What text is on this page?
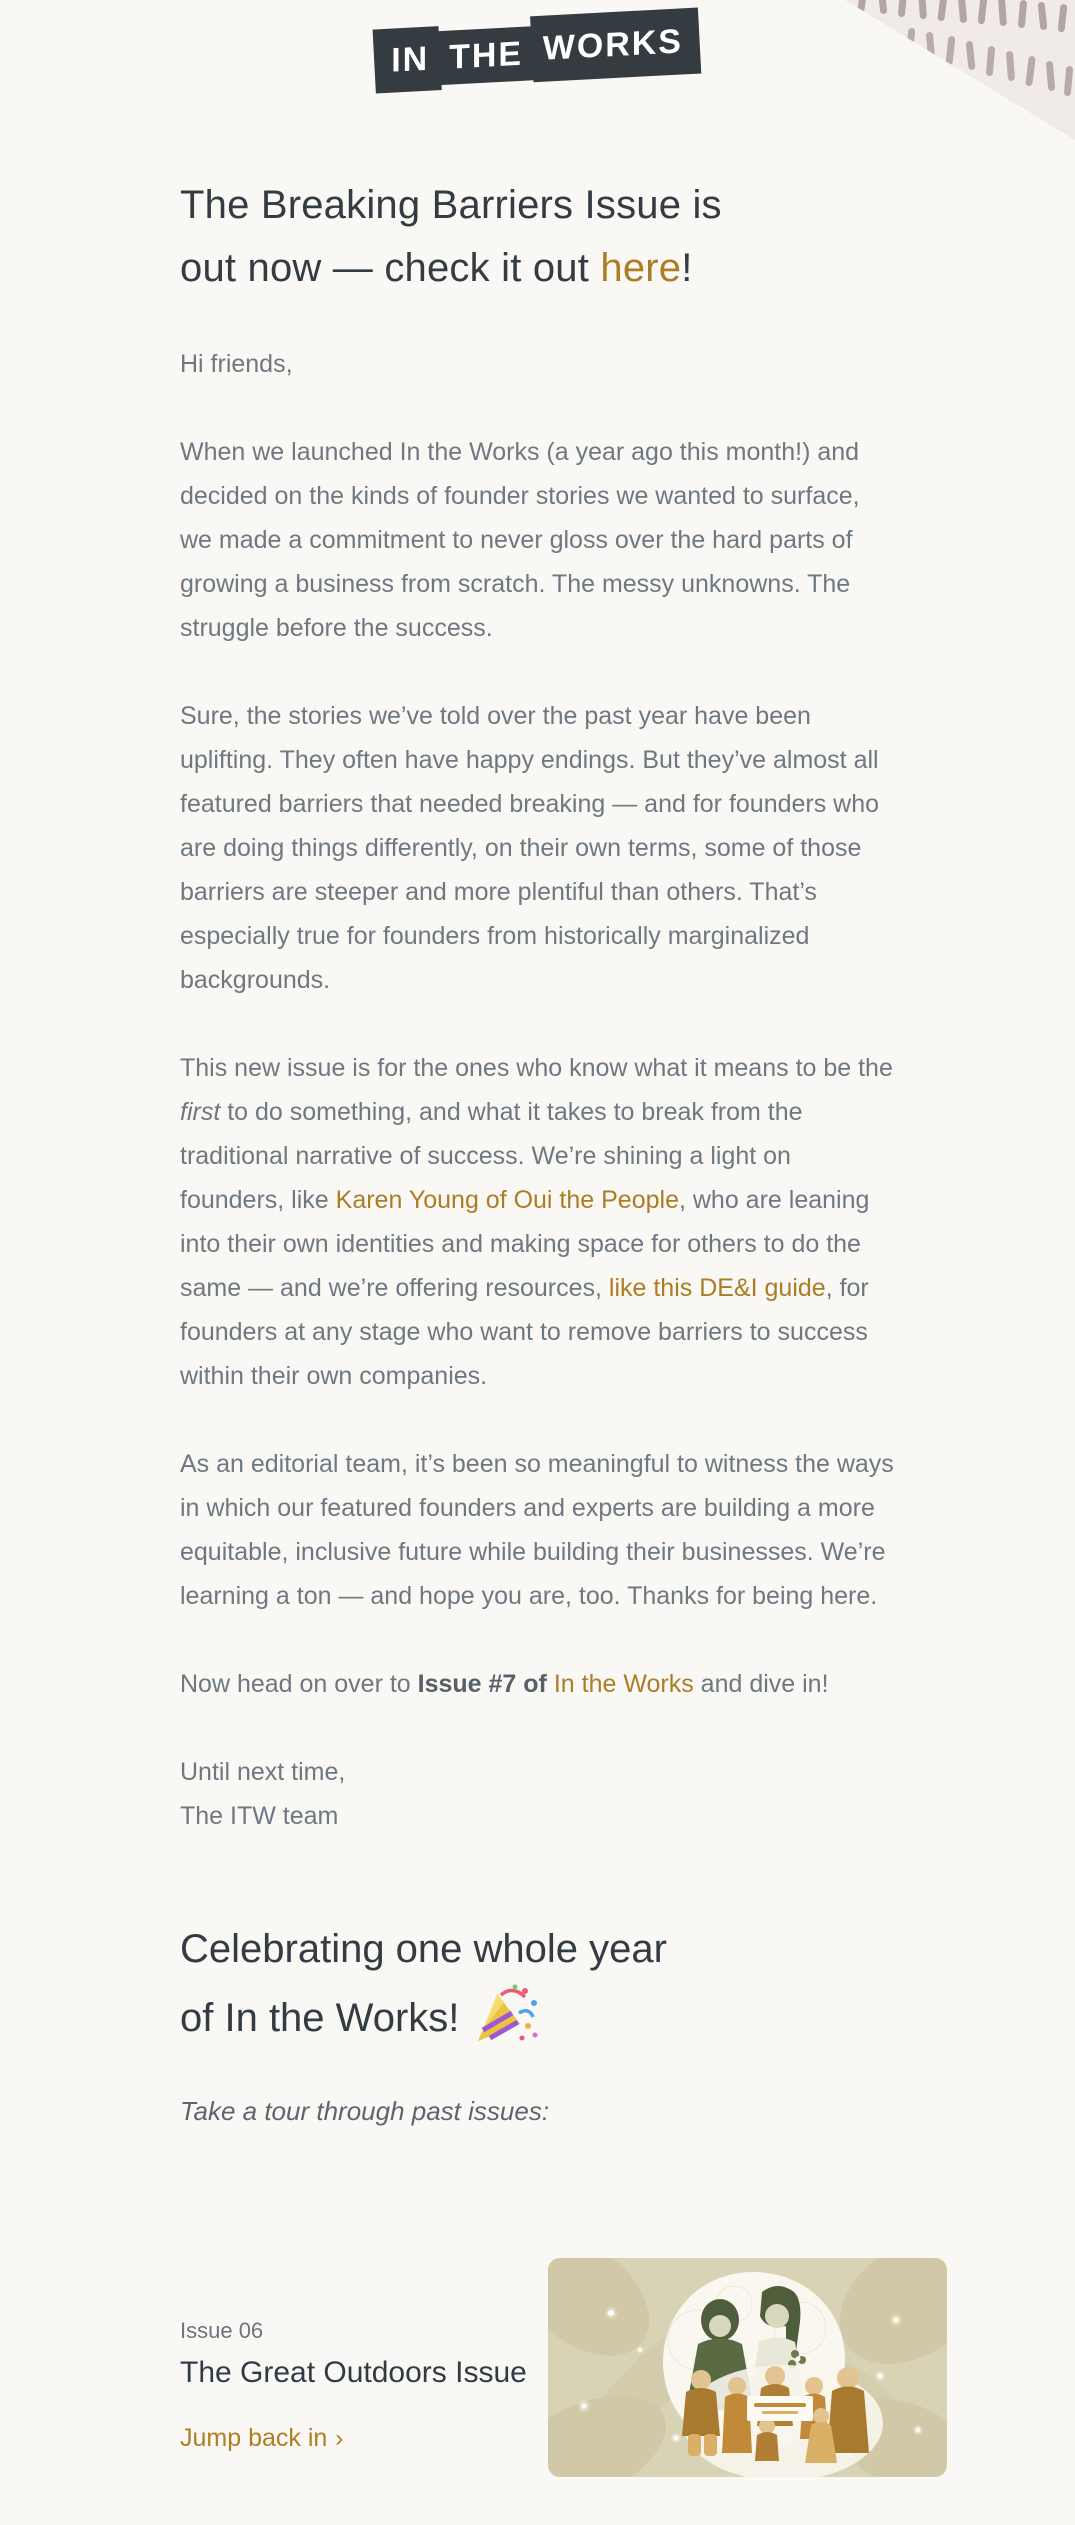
IN THE WORKS
The Breaking Barriers Issue is
out now — check it out here!

Hi friends,

When we launched In the Works (a year ago this month!) and decided on the kinds of founder stories we wanted to surface, we made a commitment to never gloss over the hard parts of growing a business from scratch. The messy unknowns. The struggle before the success.

Sure, the stories we’ve told over the past year have been uplifting. They often have happy endings. But they’ve almost all featured barriers that needed breaking — and for founders who are doing things differently, on their own terms, some of those barriers are steeper and more plentiful than others. That’s especially true for founders from historically marginalized backgrounds.

This new issue is for the ones who know what it means to be the first to do something, and what it takes to break from the traditional narrative of success. We’re shining a light on founders, like Karen Young of Oui the People, who are leaning into their own identities and making space for others to do the same — and we’re offering resources, like this DE&I guide, for founders at any stage who want to remove barriers to success within their own companies.

As an editorial team, it’s been so meaningful to witness the ways in which our featured founders and experts are building a more equitable, inclusive future while building their businesses. We’re learning a ton — and hope you are, too. Thanks for being here.

Now head on over to Issue #7 of In the Works and dive in!

Until next time,
The ITW team

Celebrating one whole year
of In the Works!
Take a tour through past issues:
Issue 06
The Great Outdoors Issue
Jump back in ›
